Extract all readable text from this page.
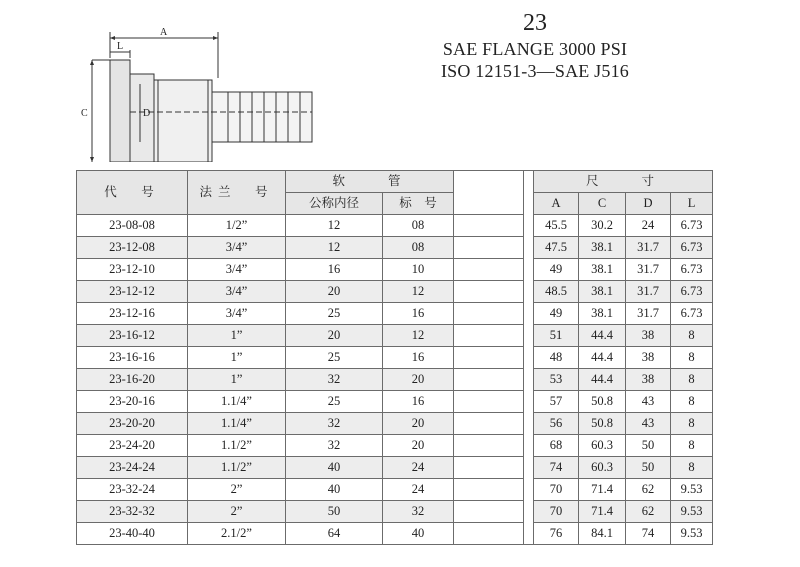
A
L
C	D
23
SAE FLANGE 3000 PSI
ISO 12151-3—SAE J516
代　号	法兰　号	软　　管				尺　　寸			
		公称内径	标　号			A	C	D	L
23-08-08	1/2”	12	08			45.5	30.2	24	6.73
23-12-08	3/4”	12	08			47.5	38.1	31.7	6.73
23-12-10	3/4”	16	10			49	38.1	31.7	6.73
23-12-12	3/4”	20	12			48.5	38.1	31.7	6.73
23-12-16	3/4”	25	16			49	38.1	31.7	6.73
23-16-12	1”	20	12			51	44.4	38	8
23-16-16	1”	25	16			48	44.4	38	8
23-16-20	1”	32	20			53	44.4	38	8
23-20-16	1.1/4”	25	16			57	50.8	43	8
23-20-20	1.1/4”	32	20			56	50.8	43	8
23-24-20	1.1/2”	32	20			68	60.3	50	8
23-24-24	1.1/2”	40	24			74	60.3	50	8
23-32-24	2”	40	24			70	71.4	62	9.53
23-32-32	2”	50	32			70	71.4	62	9.53
23-40-40	2.1/2”	64	40			76	84.1	74	9.53
